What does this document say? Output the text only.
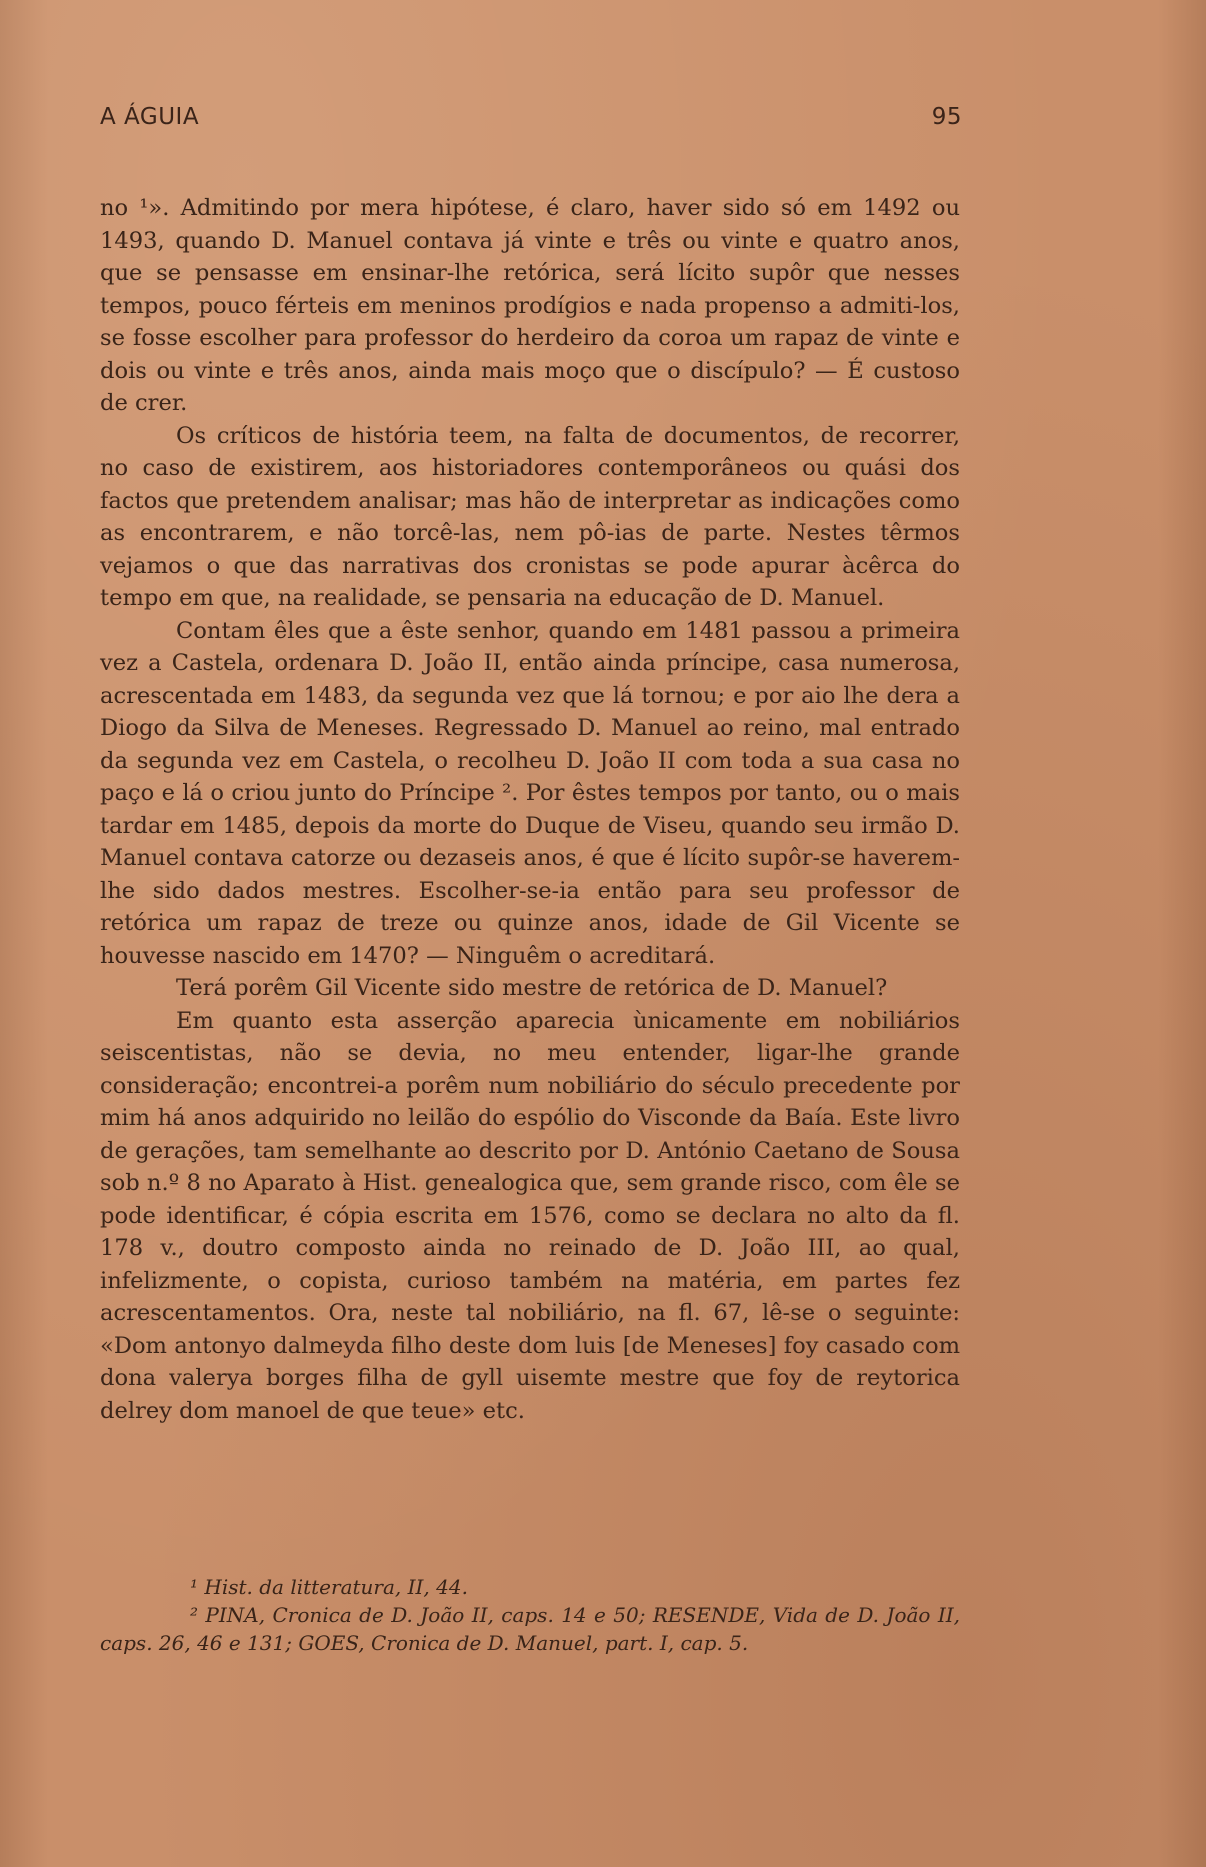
A ÁGUIA	95

no ¹». Admitindo por mera hipótese, é claro, haver sido só em 1492 ou 1493, quando D. Manuel contava já vinte e três ou vinte e quatro anos, que se pensasse em ensinar-lhe retórica, será lícito supôr que nesses tempos, pouco férteis em meninos prodígios e nada propenso a admiti-los, se fosse escolher para professor do herdeiro da coroa um rapaz de vinte e dois ou vinte e três anos, ainda mais moço que o discípulo? — É custoso de crer.

Os críticos de história teem, na falta de documentos, de recorrer, no caso de existirem, aos historiadores contemporâneos ou quási dos factos que pretendem analisar; mas hão de interpretar as indicações como as encontrarem, e não torcê-las, nem pô-ias de parte. Nestes têrmos vejamos o que das narrativas dos cronistas se pode apurar àcêrca do tempo em que, na realidade, se pensaria na educação de D. Manuel.

Contam êles que a êste senhor, quando em 1481 passou a primeira vez a Castela, ordenara D. João II, então ainda príncipe, casa numerosa, acrescentada em 1483, da segunda vez que lá tornou; e por aio lhe dera a Diogo da Silva de Meneses. Regressado D. Manuel ao reino, mal entrado da segunda vez em Castela, o recolheu D. João II com toda a sua casa no paço e lá o criou junto do Príncipe ². Por êstes tempos por tanto, ou o mais tardar em 1485, depois da morte do Duque de Viseu, quando seu irmão D. Manuel contava catorze ou dezaseis anos, é que é lícito supôr-se haverem-lhe sido dados mestres. Escolher-se-ia então para seu professor de retórica um rapaz de treze ou quinze anos, idade de Gil Vicente se houvesse nascido em 1470? — Ninguêm o acreditará.

Terá porêm Gil Vicente sido mestre de retórica de D. Manuel?

Em quanto esta asserção aparecia ùnicamente em nobiliários seiscentistas, não se devia, no meu entender, ligar-lhe grande consideração; encontrei-a porêm num nobiliário do século precedente por mim há anos adquirido no leilão do espólio do Visconde da Baía. Este livro de gerações, tam semelhante ao descrito por D. António Caetano de Sousa sob n.º 8 no Aparato à Hist. genealogica que, sem grande risco, com êle se pode identificar, é cópia escrita em 1576, como se declara no alto da fl. 178 v., doutro composto ainda no reinado de D. João III, ao qual, infelizmente, o copista, curioso também na matéria, em partes fez acrescentamentos. Ora, neste tal nobiliário, na fl. 67, lê-se o seguinte: «Dom antonyo dalmeyda filho deste dom luis [de Meneses] foy casado com dona valerya borges filha de gyll uisemte mestre que foy de reytorica delrey dom manoel de que teue» etc.

¹ Hist. da litteratura, II, 44.

² PINA, Cronica de D. João II, caps. 14 e 50; RESENDE, Vida de D. João II, caps. 26, 46 e 131; GOES, Cronica de D. Manuel, part. I, cap. 5.
